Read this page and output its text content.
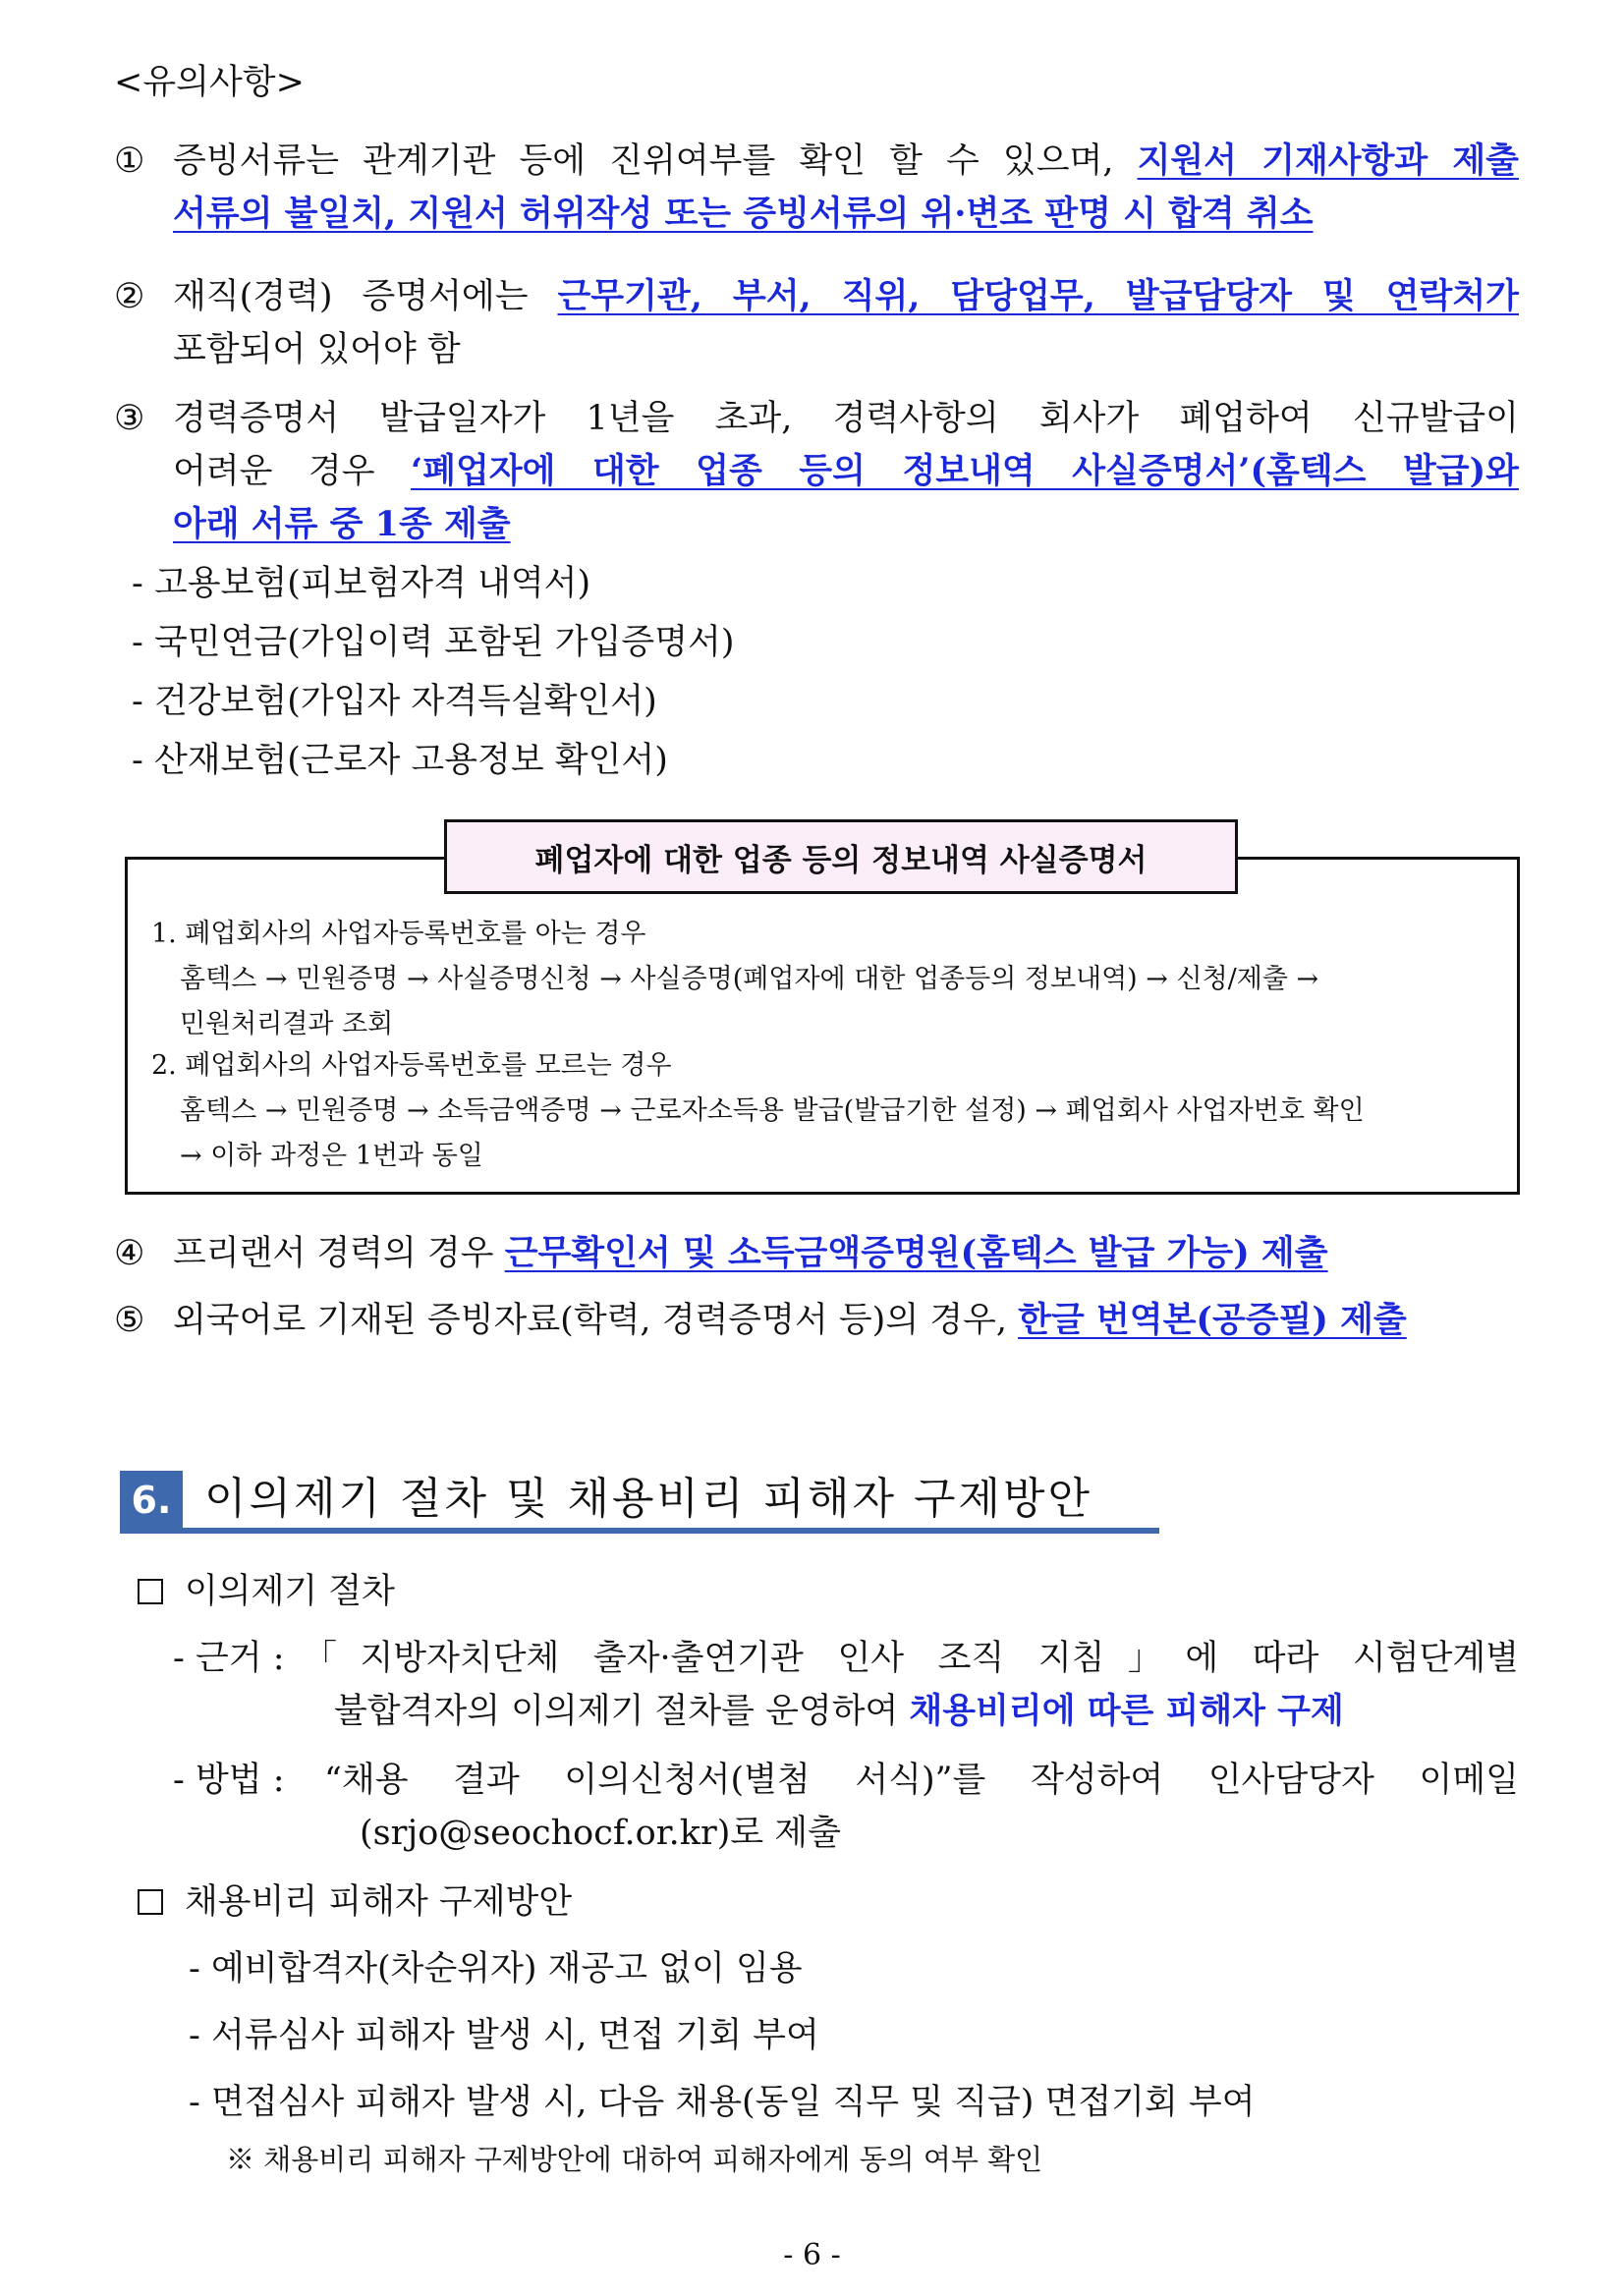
<유의사항>
① 증빙서류는 관계기관 등에 진위여부를 확인 할 수 있으며, 지원서 기재사항과 제출
서류의 불일치, 지원서 허위작성 또는 증빙서류의 위·변조 판명 시 합격 취소
② 재직(경력) 증명서에는 근무기관, 부서, 직위, 담당업무, 발급담당자 및 연락처가
포함되어 있어야 함
③ 경력증명서 발급일자가 1년을 초과, 경력사항의 회사가 폐업하여 신규발급이
어려운 경우 ‘폐업자에 대한 업종 등의 정보내역 사실증명서’(홈텍스 발급)와
아래 서류 중 1종 제출
- 고용보험(피보험자격 내역서)
- 국민연금(가입이력 포함된 가입증명서)
- 건강보험(가입자 자격득실확인서)
- 산재보험(근로자 고용정보 확인서)
폐업자에 대한 업종 등의 정보내역 사실증명서
1. 폐업회사의 사업자등록번호를 아는 경우
홈텍스 → 민원증명 → 사실증명신청 → 사실증명(폐업자에 대한 업종등의 정보내역) → 신청/제출 →
민원처리결과 조회
2. 폐업회사의 사업자등록번호를 모르는 경우
홈텍스 → 민원증명 → 소득금액증명 → 근로자소득용 발급(발급기한 설정) → 폐업회사 사업자번호 확인
→ 이하 과정은 1번과 동일
④ 프리랜서 경력의 경우 근무확인서 및 소득금액증명원(홈텍스 발급 가능) 제출
⑤ 외국어로 기재된 증빙자료(학력, 경력증명서 등)의 경우, 한글 번역본(공증필) 제출
6. 이의제기 절차 및 채용비리 피해자 구제방안
이의제기 절차
- 근거 : 「지방자치단체 출자·출연기관 인사 조직 지침」에 따라 시험단계별
불합격자의 이의제기 절차를 운영하여 채용비리에 따른 피해자 구제
- 방법 : “채용 결과 이의신청서(별첨 서식)”를 작성하여 인사담당자 이메일
(srjo@seochocf.or.kr)로 제출
채용비리 피해자 구제방안
- 예비합격자(차순위자) 재공고 없이 임용
- 서류심사 피해자 발생 시, 면접 기회 부여
- 면접심사 피해자 발생 시, 다음 채용(동일 직무 및 직급) 면접기회 부여
※ 채용비리 피해자 구제방안에 대하여 피해자에게 동의 여부 확인
- 6 -
